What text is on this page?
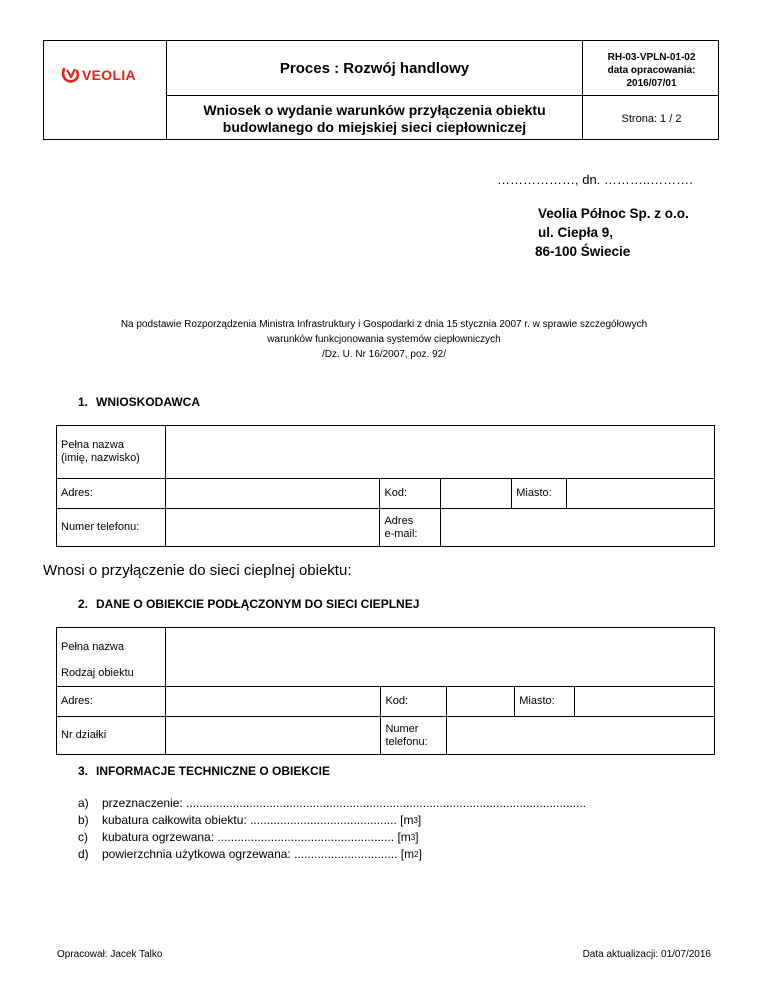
VEOLIA	Proces : Rozwój handlowy
RH-03-VPLN-01-02
data opracowania:
2016/07/01
Wniosek o wydanie warunków przyłączenia obiektu
budowlanego do miejskiej sieci ciepłowniczej	Strona: 1 / 2
………………, dn. ………..……….
Veolia Północ Sp. z o.o.
ul. Ciepła 9,
86-100 Świecie
Na podstawie Rozporządzenia Ministra Infrastruktury i Gospodarki z dnia 15 stycznia 2007 r. w sprawie szczegółowych
warunków funkcjonowania systemów ciepłowniczych
/Dz. U. Nr 16/2007, poz. 92/
1. WNIOSKODAWCA
Pełna nazwa
(imię, nazwisko)					

Adres:		Kod:		Miasto:	
Numer telefonu:		Adres
e-mail:			

Wnosi o przyłączenie do sieci cieplnej obiektu:
2. DANE O OBIEKCIE PODŁĄCZONYM DO SIECI CIEPLNEJ
Pełna nazwa
Rodzaj obiektu					

Adres:		Kod:		Miasto:	
Nr działki		Numer
telefonu:			

3. INFORMACJE TECHNICZNE O OBIEKCIE
a)	przeznaczenie: ........................................................................................................................
b)	kubatura całkowita obiektu: ............................................ [m 3 ]
c)	kubatura ogrzewana: ..................................................... [m 3 ]
d)	powierzchnia użytkowa ogrzewana: ............................... [m 2 ]
Opracował: Jacek Talko	Data aktualizacji: 01/07/2016
